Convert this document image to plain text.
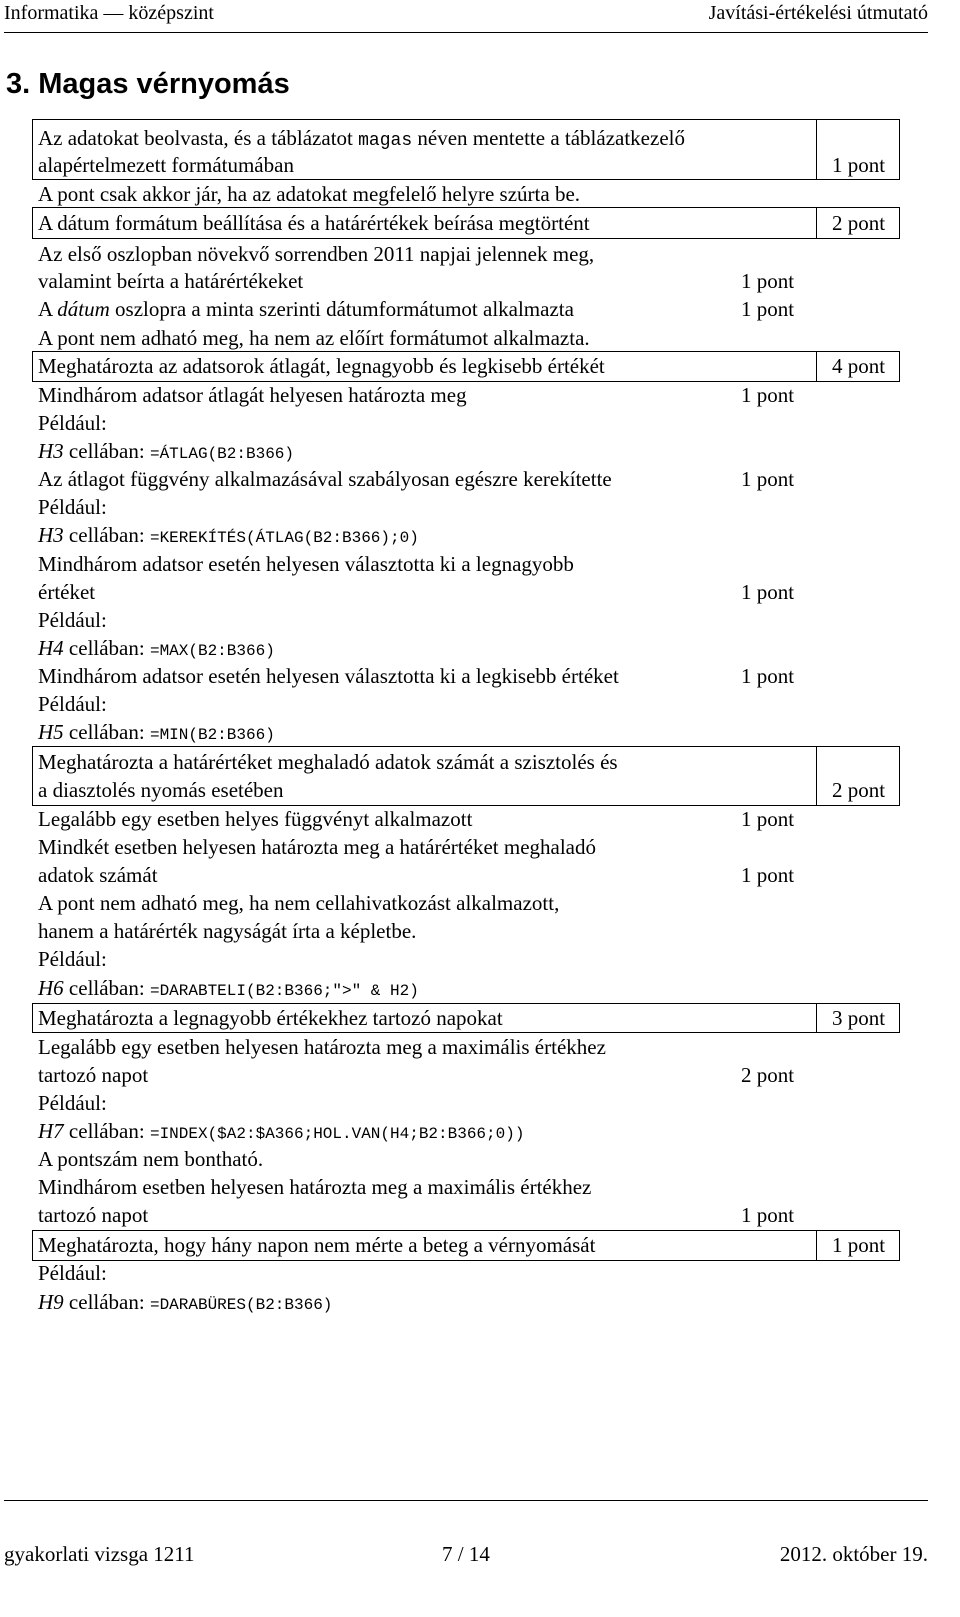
Informatika — középszint	Javítási-értékelési útmutató
3. Magas vérnyomás
Az adatokat beolvasta, és a táblázatot magas néven mentette a táblázatkezelő
alapértelmezett formátumában	1 pont
A pont csak akkor jár, ha az adatokat megfelelő helyre szúrta be.
A dátum formátum beállítása és a határértékek beírása megtörtént	2 pont
Az első oszlopban növekvő sorrendben 2011 napjai jelennek meg,
valamint beírta a határértékeket	1 pont
A dátum oszlopra a minta szerinti dátumformátumot alkalmazta	1 pont
A pont nem adható meg, ha nem az előírt formátumot alkalmazta.
Meghatározta az adatsorok átlagát, legnagyobb és legkisebb értékét	4 pont
Mindhárom adatsor átlagát helyesen határozta meg	1 pont
Például:
H3 cellában: =ÁTLAG(B2:B366)
Az átlagot függvény alkalmazásával szabályosan egészre kerekítette	1 pont
Például:
H3 cellában: =KEREKÍTÉS(ÁTLAG(B2:B366);0)
Mindhárom adatsor esetén helyesen választotta ki a legnagyobb
értéket	1 pont
Például:
H4 cellában: =MAX(B2:B366)
Mindhárom adatsor esetén helyesen választotta ki a legkisebb értéket	1 pont
Például:
H5 cellában: =MIN(B2:B366)
Meghatározta a határértéket meghaladó adatok számát a szisztolés és
a diasztolés nyomás esetében	2 pont
Legalább egy esetben helyes függvényt alkalmazott	1 pont
Mindkét esetben helyesen határozta meg a határértéket meghaladó
adatok számát	1 pont
A pont nem adható meg, ha nem cellahivatkozást alkalmazott,
hanem a határérték nagyságát írta a képletbe.
Például:
H6 cellában: =DARABTELI(B2:B366;">" & H2)
Meghatározta a legnagyobb értékekhez tartozó napokat	3 pont
Legalább egy esetben helyesen határozta meg a maximális értékhez
tartozó napot	2 pont
Például:
H7 cellában: =INDEX($A2:$A366;HOL.VAN(H4;B2:B366;0))
A pontszám nem bontható.
Mindhárom esetben helyesen határozta meg a maximális értékhez
tartozó napot	1 pont
Meghatározta, hogy hány napon nem mérte a beteg a vérnyomását	1 pont
Például:
H9 cellában: =DARABÜRES(B2:B366)
gyakorlati vizsga 1211	7 / 14	2012. október 19.
